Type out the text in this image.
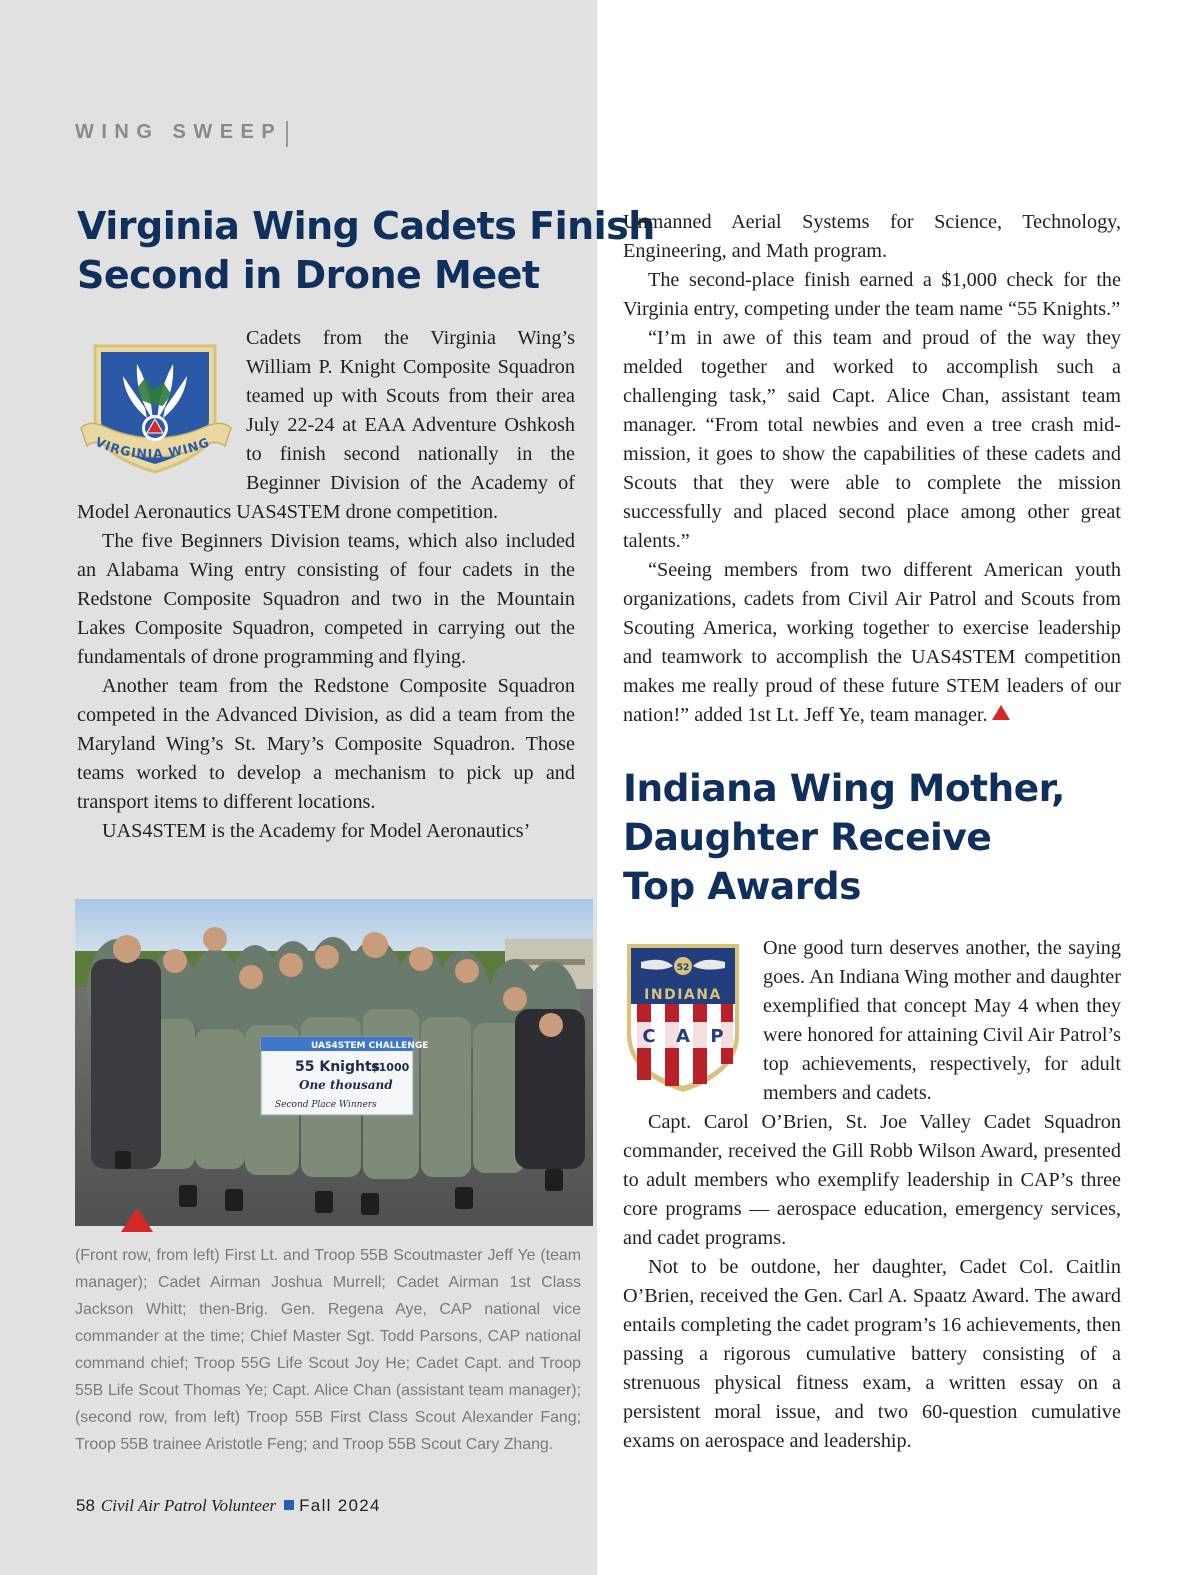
WING SWEEP
Virginia Wing Cadets Finish
Second in Drone Meet
VIRGINIA WING

Cadets from the Virginia Wing’s William P. Knight Composite Squadron teamed up with Scouts from their area July 22-24 at EAA Adventure Oshkosh to finish second nationally in the Beginner Division of the Academy of Model Aeronautics UAS4STEM drone competition.

The five Beginners Division teams, which also included an Alabama Wing entry consisting of four cadets in the Redstone Composite Squadron and two in the Mountain Lakes Composite Squadron, competed in carrying out the fundamentals of drone programming and flying.

Another team from the Redstone Composite Squadron competed in the Advanced Division, as did a team from the Maryland Wing’s St. Mary’s Composite Squadron. Those teams worked to develop a mechanism to pick up and transport items to different locations.

UAS4STEM is the Academy for Model Aeronautics’

UAS4STEM CHALLENGE
55 Knights
$1000
One thousand
Second Place Winners

(Front row, from left) First Lt. and Troop 55B Scoutmaster Jeff Ye (team manager); Cadet Airman Joshua Murrell; Cadet Airman 1st Class Jackson Whitt; then-Brig. Gen. Regena Aye, CAP national vice commander at the time; Chief Master Sgt. Todd Parsons, CAP national command chief; Troop 55G Life Scout Joy He; Cadet Capt. and Troop 55B Life Scout Thomas Ye; Capt. Alice Chan (assistant team manager); (second row, from left) Troop 55B First Class Scout Alexander Fang; Troop 55B trainee Aristotle Feng; and Troop 55B Scout Cary Zhang.

Unmanned Aerial Systems for Science, Technology, Engineering, and Math program.

The second-place finish earned a $1,000 check for the Virginia entry, competing under the team name “55 Knights.”

“I’m in awe of this team and proud of the way they melded together and worked to accomplish such a challenging task,” said Capt. Alice Chan, assistant team manager. “From total newbies and even a tree crash mid-mission, it goes to show the capabilities of these cadets and Scouts that they were able to complete the mission successfully and placed second place among other great talents.”

“Seeing members from two different American youth organizations, cadets from Civil Air Patrol and Scouts from Scouting America, working together to exercise leadership and teamwork to accomplish the UAS4STEM competition makes me really proud of these future STEM leaders of our nation!” added 1st Lt. Jeff Ye, team manager.

Indiana Wing Mother,
Daughter Receive
Top Awards
52
INDIANA
C A P

One good turn deserves another, the saying goes. An Indiana Wing mother and daughter exemplified that concept May 4 when they were honored for attaining Civil Air Patrol’s top achievements, respectively, for adult members and cadets.

Capt. Carol O’Brien, St. Joe Valley Cadet Squadron commander, received the Gill Robb Wilson Award, presented to adult members who exemplify leadership in CAP’s three core programs — aerospace education, emergency services, and cadet programs.

Not to be outdone, her daughter, Cadet Col. Caitlin O’Brien, received the Gen. Carl A. Spaatz Award. The award entails completing the cadet program’s 16 achievements, then passing a rigorous cumulative battery consisting of a strenuous physical fitness exam, a written essay on a persistent moral issue, and two 60-question cumulative exams on aerospace and leadership.

58 Civil Air Patrol Volunteer Fall 2024
